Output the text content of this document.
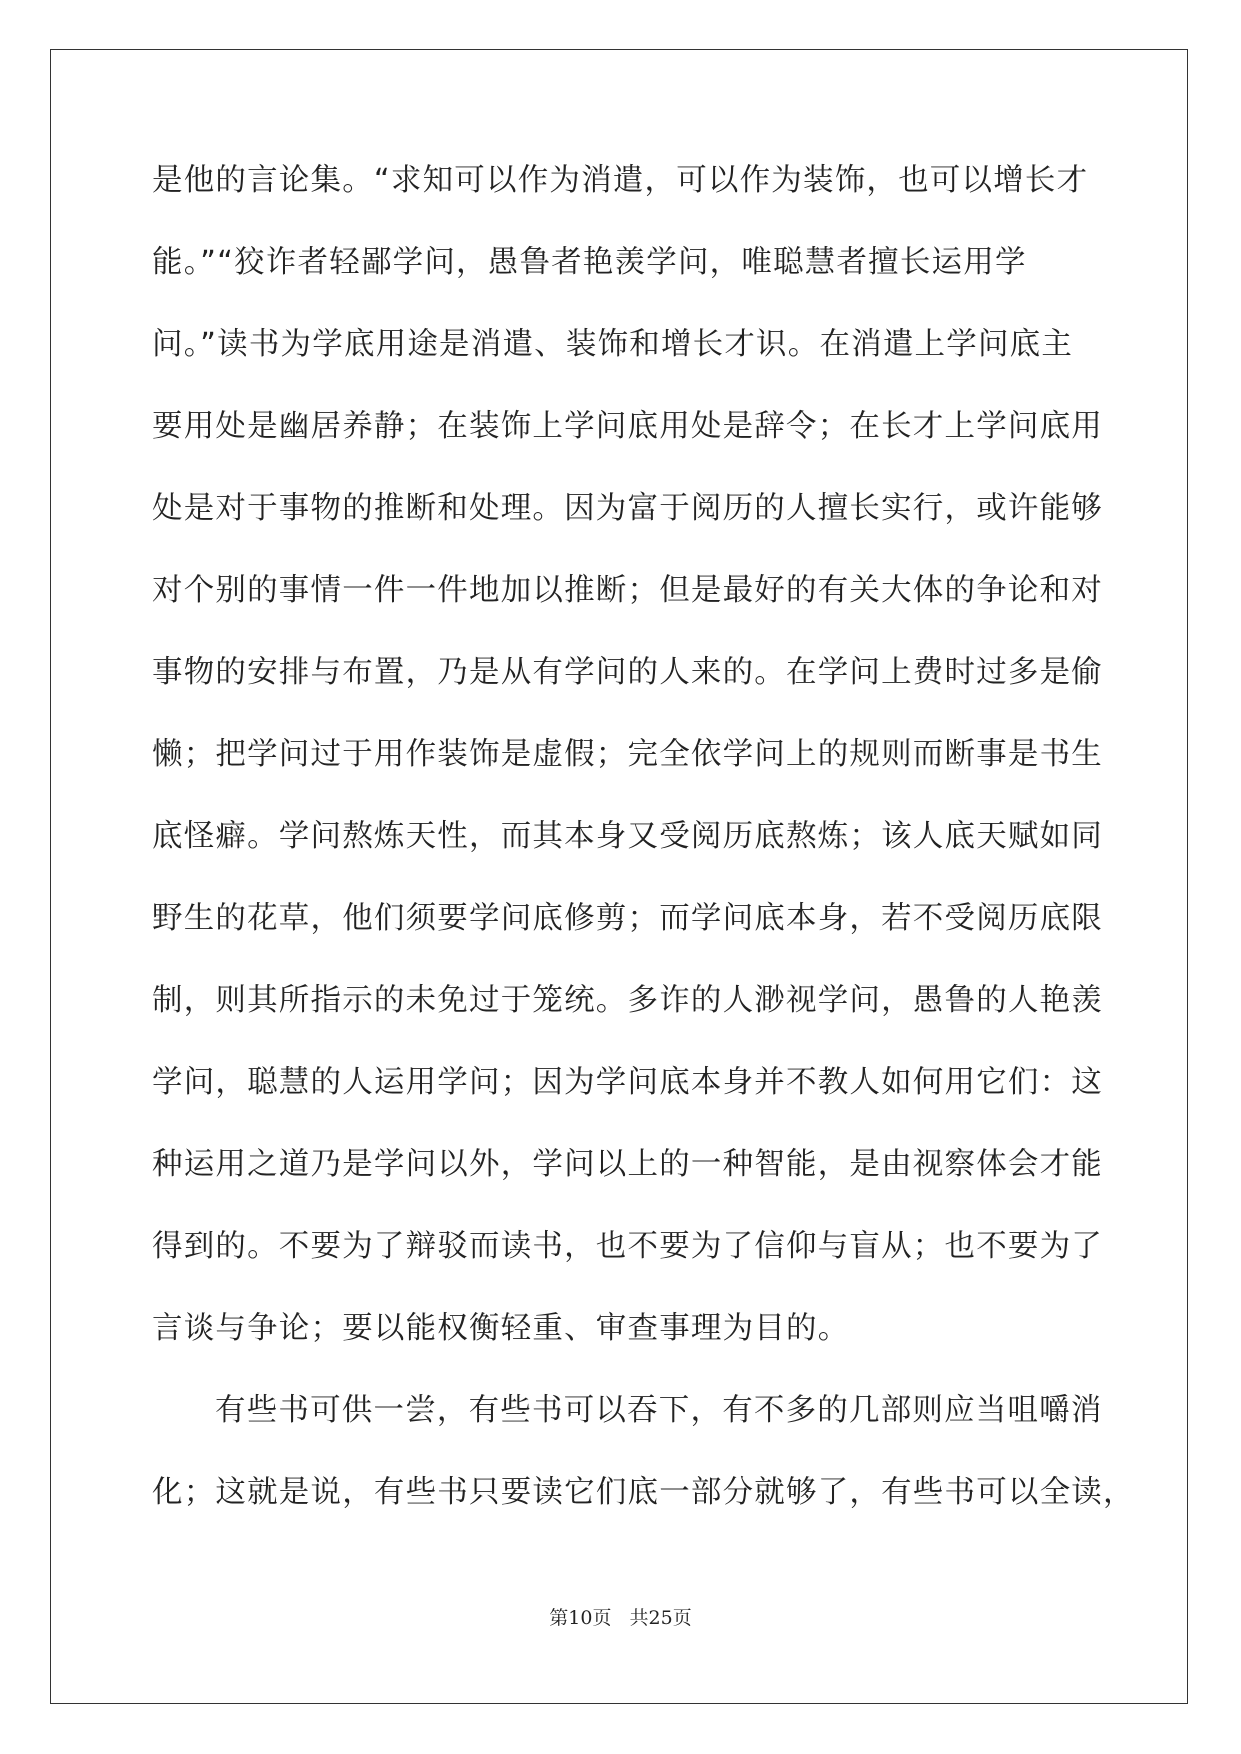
是他的言论集。“求知可以作为消遣，可以作为装饰，也可以增长才
能。”“狡诈者轻鄙学问，愚鲁者艳羡学问，唯聪慧者擅长运用学
问。”读书为学底用途是消遣、装饰和增长才识。在消遣上学问底主
要用处是幽居养静；在装饰上学问底用处是辞令；在长才上学问底用
处是对于事物的推断和处理。因为富于阅历的人擅长实行，或许能够
对个别的事情一件一件地加以推断；但是最好的有关大体的争论和对
事物的安排与布置，乃是从有学问的人来的。在学问上费时过多是偷
懒；把学问过于用作装饰是虚假；完全依学问上的规则而断事是书生
底怪癖。学问熬炼天性，而其本身又受阅历底熬炼；该人底天赋如同
野生的花草，他们须要学问底修剪；而学问底本身，若不受阅历底限
制，则其所指示的未免过于笼统。多诈的人渺视学问，愚鲁的人艳羡
学问，聪慧的人运用学问；因为学问底本身并不教人如何用它们：这
种运用之道乃是学问以外，学问以上的一种智能，是由视察体会才能
得到的。不要为了辩驳而读书，也不要为了信仰与盲从；也不要为了
言谈与争论；要以能权衡轻重、审查事理为目的。
有些书可供一尝，有些书可以吞下，有不多的几部则应当咀嚼消
化；这就是说，有些书只要读它们底一部分就够了，有些书可以全读，
第10页 共25页
